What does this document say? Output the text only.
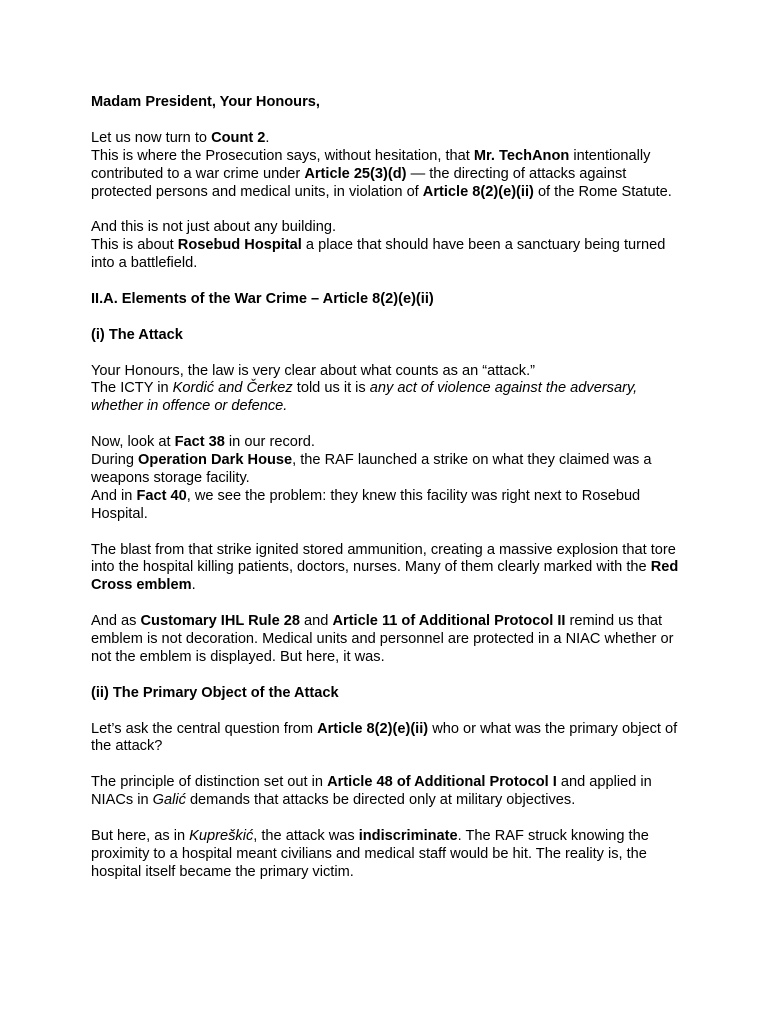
Madam President, Your Honours,

Let us now turn to Count 2.
This is where the Prosecution says, without hesitation, that Mr. TechAnon intentionally contributed to a war crime under Article 25(3)(d) — the directing of attacks against protected persons and medical units, in violation of Article 8(2)(e)(ii) of the Rome Statute.

And this is not just about any building.
This is about Rosebud Hospital a place that should have been a sanctuary being turned into a battlefield.

II.A. Elements of the War Crime – Article 8(2)(e)(ii)

(i) The Attack

Your Honours, the law is very clear about what counts as an “attack.”
The ICTY in Kordić and Čerkez told us it is any act of violence against the adversary, whether in offence or defence.

Now, look at Fact 38 in our record.
During Operation Dark House, the RAF launched a strike on what they claimed was a weapons storage facility.
And in Fact 40, we see the problem: they knew this facility was right next to Rosebud Hospital.

The blast from that strike ignited stored ammunition, creating a massive explosion that tore into the hospital killing patients, doctors, nurses. Many of them clearly marked with the Red Cross emblem.

And as Customary IHL Rule 28 and Article 11 of Additional Protocol II remind us that emblem is not decoration. Medical units and personnel are protected in a NIAC whether or not the emblem is displayed. But here, it was.

(ii) The Primary Object of the Attack

Let’s ask the central question from Article 8(2)(e)(ii) who or what was the primary object of the attack?

The principle of distinction set out in Article 48 of Additional Protocol I and applied in NIACs in Galić demands that attacks be directed only at military objectives.

But here, as in Kupreškić, the attack was indiscriminate. The RAF struck knowing the proximity to a hospital meant civilians and medical staff would be hit. The reality is, the hospital itself became the primary victim.
